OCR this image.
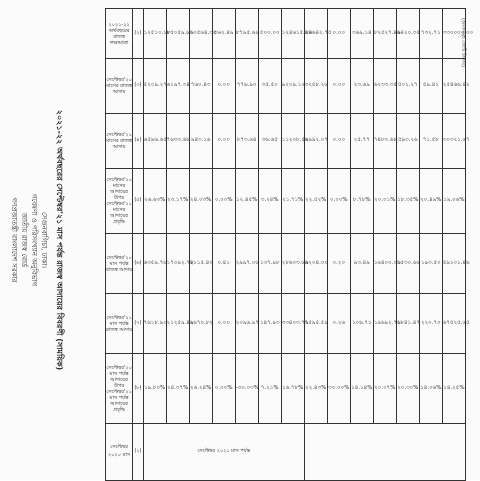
গণপ্রজাতন্ত্রী বাংলাদেশ সরকার জাতীয় রাজস্ব বোর্ড গবেষণা ও পরিসংখ্যান অনুবিভাগ সেগুনবাগিচা, ঢাকা। ২০২১-২২ অর্থবছরের সেপ্টেম্বর'২১ মাস পর্যন্ত রাজস্ব আদায়ের বিবরণী (সাময়িক)
(অংকসমূহ কোটি টাকায়)
২০২১-২২ অর্থবছরের রাজস্ব লক্ষ্যমাত্রা	(২)	১২৫১০.১৮	৮৫০৫৯.৬৬	১০৫৬৪.৩৫	৩৬২.৪৯	৮৭৯৫.৬৯	৫০০.০০	১২৪৬১৫.৯৪	৫৬৬৪২.৭৫	০.০০	৩৬৯.১৪	৮২৫২৭.৪৯	৬৪২০.৩৫	৭৩২.৭১	৩৩০০০০.০০
সেপ্টেম্বর'২০ মাসের রাজস্ব আদায়	(৩)	৫২০৯.২৭	৬১৯৭.৩৪	৭৬০.৪৩	০.০০	৭৭৬.৯০	৩৫.৫০	৯২০৯.১২	৩২৫৮.২৬	০.০০	২৩.৬৯	৬২৩৩.৩৫	৫০১.২৭	৫৯.৪১	২৫৪৬৬.৪২
সেপ্টেম্বর'২১ মাসের রাজস্ব আদায়	(৪)	৬৫৯৬.৬৫	৭৬৩৩.৬৮	৯৪৩.১৬	০.০০	৮৭৩.৬৪	৩৬.৬৫	১১২০৮.৫৯	৩৯৯২.০৭	০.০০	২৫.৭৭	৭৪৮০.৬৮	৫৯৩.২৬	৭১.৫৮	৩০৩২১.৬৭
সেপ্টেম্বর'২০ মাসের আদায়ের উপর সেপ্টেম্বর'২১ মাসের আদায়ের প্রবৃদ্ধি	(৫)	২৬.৬৩%	২৩.১৭%	২৪.০৩%	০.০০%	১২.৪৫%	৩.২৪%	২১.৭১%	২২.৫২%	০.০০%	৮.৭৮%	২০.০১%	১৮.৩৫%	২০.৪৯%	১৯.০৬%
সেপ্টেম্বর'২০ মাস পর্যন্ত রাজস্ব আদায়	(৬)	৬৩৫৯.৭৬	১৭০৯২.৭৪	২১১৫.৪০	০.৪১	২৯৯৭.০৬	১৩৭.৯৮	২৮৬০৩.৬৯	৬২০৪.০০	০.২০	৯৩.৪৯	১৬৪০০.০৬	১৫৩০.৬৬	১৯৩.৫০	৫৯১০১.৪৬
সেপ্টেম্বর'২১ মাস পর্যন্ত রাজস্ব আদায়	(৭)	৭৬১৮.৯০	২১২৫৯.৪৯	২৬৭০.৮২	০.০০	২০৯৬.৯৭	১৪৭.৯৩	৩৩৪০৩.৭৯	৭৫৯৫.৫৯	০.২৬	১০৬.৭১	১৯৬৯২.৭৬	১৮৪১.৪৭	২২০.৭০	৬৭৫২৫.৬৫
সেপ্টেম্বর'২০ মাস পর্যন্ত আদায়ের উপর সেপ্টেম্বর'২১ মাস পর্যন্ত আদায়ের প্রবৃদ্ধি	(৮)	১৯.৮০%	২৪.৩৭%	২৬.২৪%	০.০০%	-৩০.০৩%	৭.২১%	১৬.৭৮%	২২.৪৩%	৩০.০০%	১৪.১৪%	২০.০৭%	২০.৩০%	১৪.০৬%	১৪.২৫%
সেপ্টেম্বর ২০২০ মাস	(১)	সেপ্টেম্বর ২০২১ মাস পর্যন্ত													
